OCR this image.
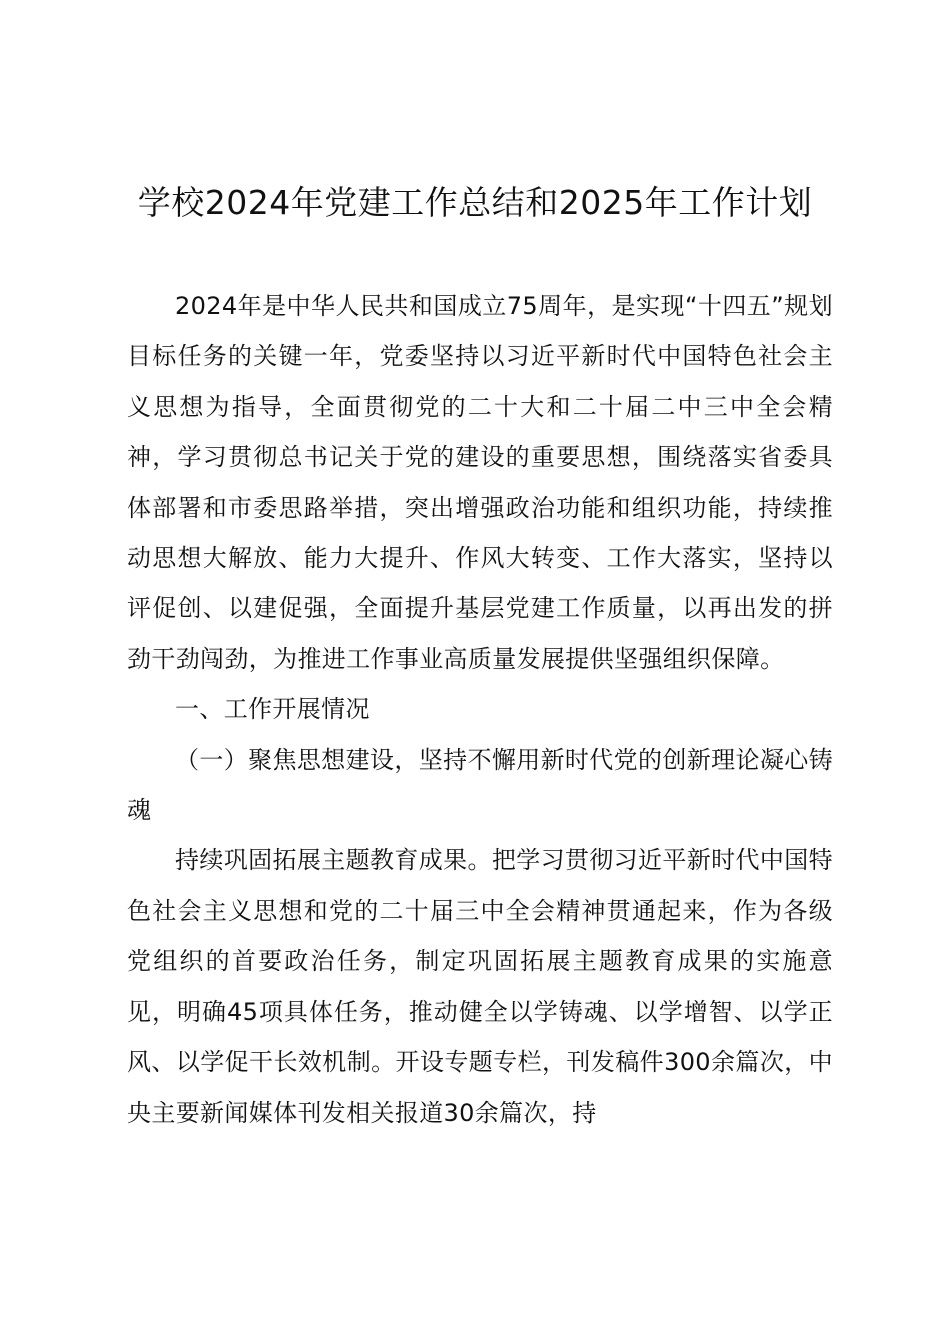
学校2024年党建工作总结和2025年工作计划

2024年是中华人民共和国成立75周年，是实现“十四五”规划目标任务的关键一年，党委坚持以习近平新时代中国特色社会主义思想为指导，全面贯彻党的二十大和二十届二中三中全会精神，学习贯彻总书记关于党的建设的重要思想，围绕落实省委具体部署和市委思路举措，突出增强政治功能和组织功能，持续推动思想大解放、能力大提升、作风大转变、工作大落实，坚持以评促创、以建促强，全面提升基层党建工作质量，以再出发的拼劲干劲闯劲，为推进工作事业高质量发展提供坚强组织保障。

一、工作开展情况

（一）聚焦思想建设，坚持不懈用新时代党的创新理论凝心铸魂

持续巩固拓展主题教育成果。把学习贯彻习近平新时代中国特色社会主义思想和党的二十届三中全会精神贯通起来，作为各级党组织的首要政治任务，制定巩固拓展主题教育成果的实施意见，明确45项具体任务，推动健全以学铸魂、以学增智、以学正风、以学促干长效机制。开设专题专栏，刊发稿件300余篇次，中央主要新闻媒体刊发相关报道30余篇次，持
